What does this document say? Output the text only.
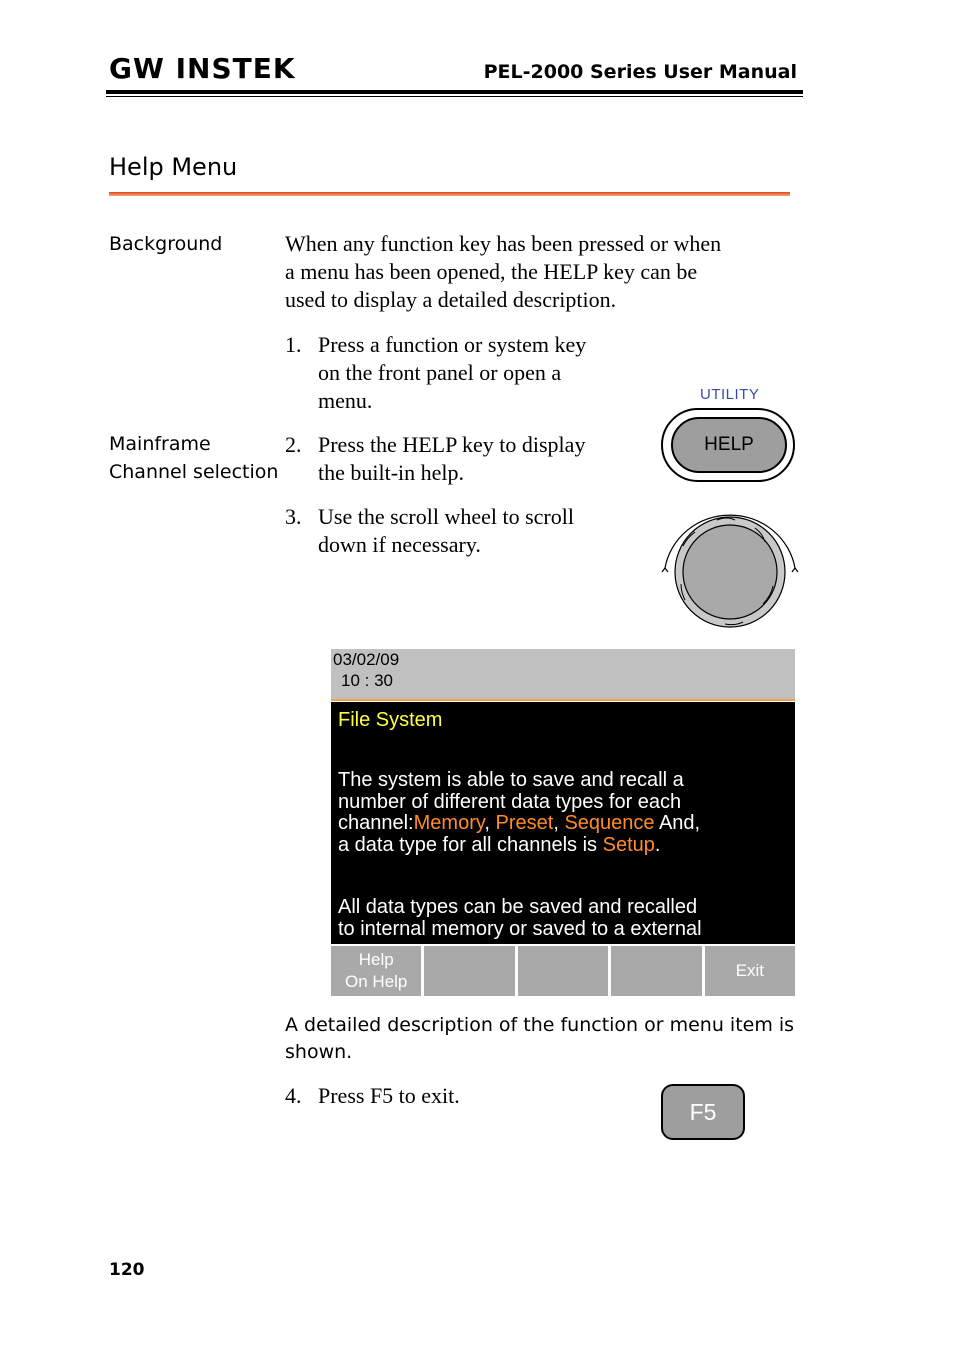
GW INSTEK	PEL-2000 Series User Manual
Help Menu
Background	When any function key has been pressed or when
a menu has been opened, the HELP key can be
used to display a detailed description.
1. Press a function or system key
on the front panel or open a
menu.
Mainframe
Channel selection
2. Press the HELP key to display
the built-in help.
3. Use the scroll wheel to scroll
down if necessary.
UTILITY
HELP
03/02/09
10 : 30
File System
The system is able to save and recall a
number of different data types for each
channel:Memory, Preset, Sequence And,
a data type for all channels is Setup.
All data types can be saved and recalled
to internal memory or saved to a external
Help
On Help
Exit
A detailed description of the function or menu item is shown.
4. Press F5 to exit.
F5
120
